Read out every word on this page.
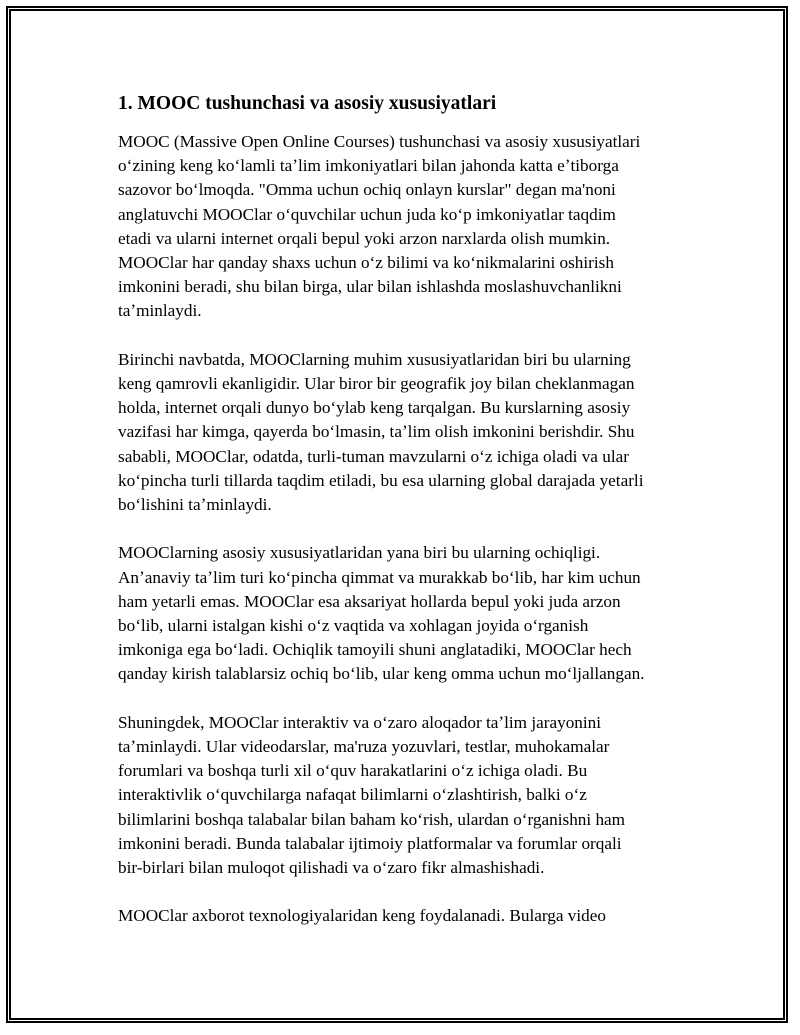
1. MOOC tushunchasi va asosiy xususiyatlari

MOOC (Massive Open Online Courses) tushunchasi va asosiy xususiyatlari
oʻzining keng koʻlamli taʼlim imkoniyatlari bilan jahonda katta eʼtiborga
sazovor boʻlmoqda. "Omma uchun ochiq onlayn kurslar" degan ma'noni
anglatuvchi MOOClar oʻquvchilar uchun juda koʻp imkoniyatlar taqdim
etadi va ularni internet orqali bepul yoki arzon narxlarda olish mumkin.
MOOClar har qanday shaxs uchun oʻz bilimi va koʻnikmalarini oshirish
imkonini beradi, shu bilan birga, ular bilan ishlashda moslashuvchanlikni
taʼminlaydi.

Birinchi navbatda, MOOClarning muhim xususiyatlaridan biri bu ularning
keng qamrovli ekanligidir. Ular biror bir geografik joy bilan cheklanmagan
holda, internet orqali dunyo boʻylab keng tarqalgan. Bu kurslarning asosiy
vazifasi har kimga, qayerda boʻlmasin, taʼlim olish imkonini berishdir. Shu
sababli, MOOClar, odatda, turli-tuman mavzularni oʻz ichiga oladi va ular
koʻpincha turli tillarda taqdim etiladi, bu esa ularning global darajada yetarli
boʻlishini taʼminlaydi.

MOOClarning asosiy xususiyatlaridan yana biri bu ularning ochiqligi.
Anʼanaviy taʼlim turi koʻpincha qimmat va murakkab boʻlib, har kim uchun
ham yetarli emas. MOOClar esa aksariyat hollarda bepul yoki juda arzon
boʻlib, ularni istalgan kishi oʻz vaqtida va xohlagan joyida oʻrganish
imkoniga ega boʻladi. Ochiqlik tamoyili shuni anglatadiki, MOOClar hech
qanday kirish talablarsiz ochiq boʻlib, ular keng omma uchun moʻljallangan.

Shuningdek, MOOClar interaktiv va oʻzaro aloqador taʼlim jarayonini
taʼminlaydi. Ular videodarslar, ma'ruza yozuvlari, testlar, muhokamalar
forumlari va boshqa turli xil oʻquv harakatlarini oʻz ichiga oladi. Bu
interaktivlik oʻquvchilarga nafaqat bilimlarni oʻzlashtirish, balki oʻz
bilimlarini boshqa talabalar bilan baham koʻrish, ulardan oʻrganishni ham
imkonini beradi. Bunda talabalar ijtimoiy platformalar va forumlar orqali
bir-birlari bilan muloqot qilishadi va oʻzaro fikr almashishadi.

MOOClar axborot texnologiyalaridan keng foydalanadi. Bularga video
